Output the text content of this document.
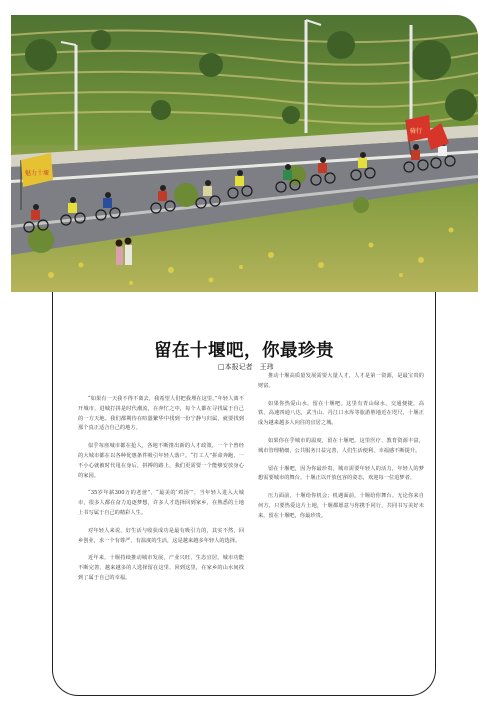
魅力十堰
骑行
留在十堰吧，你最珍贵
□本报记者　王玮

“如果有一天我不得不离去，我希望人们把我埋在这里。”年轻人离不开城市，进城打拼是时代潮流，在奔忙之中，每个人都在寻找属于自己的一方天地。我们都期待在喧嚣繁华中找到一份宁静与归属，就要找到那个真正适合自己的地方。

似乎每座城市都在抢人，各地不断推出新的人才政策，一个个曾经的大城市都在以各种优惠条件吸引年轻人落户。“打工人”拼命奔跑，一不小心就被时代甩在身后，拼搏的路上，我们更需要一个能够安放身心的家园。

“35岁年薪300万的老爸”、“最美的‘鸡汤’”，当年轻人进入大城市，很多人都在奋力追逐梦想，许多人才选择回到家乡，在熟悉的土地上书写属于自己的精彩人生。

对年轻人来说，好生活与收获成功是最有吸引力的，其实不然，回乡创业，求一个有尊严、有温度的生活，这是越来越多年轻人的选择。

近年来，十堰持续推动城市发展，产业兴旺、生态宜居，城市功能不断完善，越来越多的人选择留在这里、回到这里，在家乡的山水间找到了属于自己的幸福。

推动十堰高质量发展需要大量人才，人才是第一资源，是最宝贵的财富。

如果你热爱山水，留在十堰吧。这里有青山绿水，交通便捷，高铁、高速四通八达，武当山、丹江口水库等旅游胜地近在咫尺，十堰正成为越来越多人向往的宜居之城。

如果你在乎城市的温度，留在十堰吧。这里医疗、教育资源丰富，城市管理精细，公共服务日益完善，人们生活便利，幸福感不断提升。

留在十堰吧，因为你最珍贵。城市需要年轻人的活力，年轻人的梦想需要城市的舞台。十堰正以开放包容的姿态，欢迎每一位追梦者。

压力面前，十堰给你机会；机遇面前，十堰给你舞台。无论你来自何方，只要热爱这片土地，十堰都愿意与你携手同行，共同书写美好未来。留在十堰吧，你最珍贵。
